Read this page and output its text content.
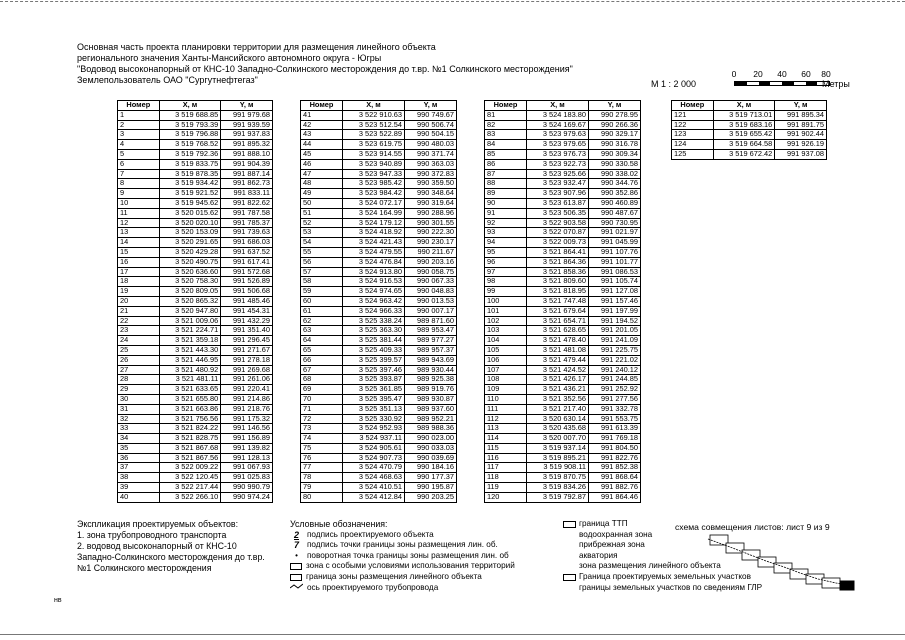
Основная часть проекта планировки территории для размещения линейного объекта
регионального значения Ханты-Мансийского автономного округа - Югры
"Водовод высоконапорный от КНС-10 Западно-Солкинского месторождения до т.вр. №1 Солкинского месторождения"
Землепользователь ОАО "Сургутнефтегаз"	М 1 : 2 000
0 20 40 60 80
Метры
Номер	X, м	Y, м
1	3 519 688.85	991 979.68
2	3 519 793.39	991 939.59
3	3 519 796.88	991 937.83
4	3 519 768.52	991 895.32
5	3 519 792.36	991 888.10
6	3 519 833.75	991 904.39
7	3 519 878.35	991 887.14
8	3 519 934.42	991 862.73
9	3 519 921.52	991 833.11
10	3 519 945.62	991 822.62
11	3 520 015.62	991 787.58
12	3 520 020.10	991 785.37
13	3 520 153.09	991 739.63
14	3 520 291.65	991 686.03
15	3 520 429.28	991 637.52
16	3 520 490.75	991 617.41
17	3 520 636.60	991 572.68
18	3 520 758.30	991 526.89
19	3 520 809.05	991 506.68
20	3 520 865.32	991 485.46
21	3 520 947.80	991 454.31
22	3 521 009.06	991 432.29
23	3 521 224.71	991 351.40
24	3 521 359.18	991 296.45
25	3 521 443.30	991 271.67
26	3 521 446.95	991 278.18
27	3 521 480.92	991 269.68
28	3 521 481.11	991 261.06
29	3 521 633.65	991 220.41
30	3 521 655.80	991 214.86
31	3 521 663.86	991 218.76
32	3 521 756.56	991 175.32
33	3 521 824.22	991 146.56
34	3 521 828.75	991 156.89
35	3 521 867.68	991 139.82
36	3 521 867.56	991 128.13
37	3 522 009.22	991 067.93
38	3 522 120.45	991 025.83
39	3 522 217.44	990 990.79
40	3 522 266.10	990 974.24
Номер	X, м	Y, м
41	3 522 910.63	990 749.67
42	3 523 512.54	990 506.74
43	3 523 522.89	990 504.15
44	3 523 619.75	990 480.03
45	3 523 914.55	990 371.74
46	3 523 940.89	990 363.03
47	3 523 947.33	990 372.83
48	3 523 985.42	990 359.50
49	3 523 984.42	990 348.64
50	3 524 072.17	990 319.64
51	3 524 164.99	990 288.96
52	3 524 179.12	990 301.55
53	3 524 418.92	990 222.30
54	3 524 421.43	990 230.17
55	3 524 479.55	990 211.67
56	3 524 476.84	990 203.16
57	3 524 913.80	990 058.75
58	3 524 916.53	990 067.33
59	3 524 974.65	990 048.83
60	3 524 963.42	990 013.53
61	3 524 966.33	990 007.17
62	3 525 338.24	989 871.60
63	3 525 363.30	989 953.47
64	3 525 381.44	989 977.27
65	3 525 409.33	989 957.37
66	3 525 399.57	989 943.69
67	3 525 397.46	989 930.44
68	3 525 393.87	989 925.38
69	3 525 361.85	989 919.76
70	3 525 395.47	989 930.87
71	3 525 351.13	989 937.60
72	3 525 330.92	989 952.21
73	3 524 952.93	989 988.36
74	3 524 937.11	990 023.00
75	3 524 905.61	990 033.03
76	3 524 907.73	990 039.69
77	3 524 470.79	990 184.16
78	3 524 468.63	990 177.37
79	3 524 410.51	990 195.87
80	3 524 412.84	990 203.25
Номер	X, м	Y, м
81	3 524 183.80	990 278.95
82	3 524 169.67	990 266.36
83	3 523 979.63	990 329.17
84	3 523 979.65	990 316.78
85	3 523 976.73	990 309.34
86	3 523 922.73	990 330.58
87	3 523 925.66	990 338.02
88	3 523 932.47	990 344.76
89	3 523 907.96	990 352.86
90	3 523 613.87	990 460.89
91	3 523 506.35	990 487.67
92	3 522 903.58	990 730.95
93	3 522 070.87	991 021.97
94	3 522 009.73	991 045.99
95	3 521 864.41	991 107.76
96	3 521 864.36	991 101.77
97	3 521 858.36	991 086.53
98	3 521 809.60	991 105.74
99	3 521 818.95	991 127.08
100	3 521 747.48	991 157.46
101	3 521 679.64	991 197.99
102	3 521 654.71	991 194.52
103	3 521 628.65	991 201.05
104	3 521 478.40	991 241.09
105	3 521 481.08	991 225.75
106	3 521 479.44	991 221.02
107	3 521 424.52	991 240.12
108	3 521 426.17	991 244.85
109	3 521 436.21	991 252.92
110	3 521 352.56	991 277.56
111	3 521 217.40	991 332.78
112	3 520 630.14	991 553.75
113	3 520 435.68	991 613.39
114	3 520 007.70	991 769.18
115	3 519 937.14	991 804.50
116	3 519 895.21	991 822.76
117	3 519 908.11	991 852.38
118	3 519 870.75	991 868.64
119	3 519 834.26	991 882.76
120	3 519 792.87	991 864.46
Номер	X, м	Y, м
121	3 519 713.01	991 895.34
122	3 519 683.16	991 891.75
123	3 519 655.42	991 902.44
124	3 519 664.58	991 926.19
125	3 519 672.42	991 937.08
Экспликация проектируемых объектов:
1. зона трубопроводного транспорта
2. водовод высоконапорный от КНС-10
Западно-Солкинского месторождения до т.вр.
№1 Солкинского месторождения
Условные обозначения:
2 подпись проектируемого объекта
7 подпись точки границы зоны размещения лин. об.
•	поворотная точка границы зоны размещения лин. об
зона с особыми условиями использования территорий
граница зоны размещения линейного объекта
ось проектируемого трубопровода
граница ТТП
водоохранная зона
прибрежная зона
акватория
зона размещения линейного объекта
Граница проектируемых земельных участков
границы земельных участков по сведениям ГЛР
схема совмещения листов: лист 9 из 9
нв
